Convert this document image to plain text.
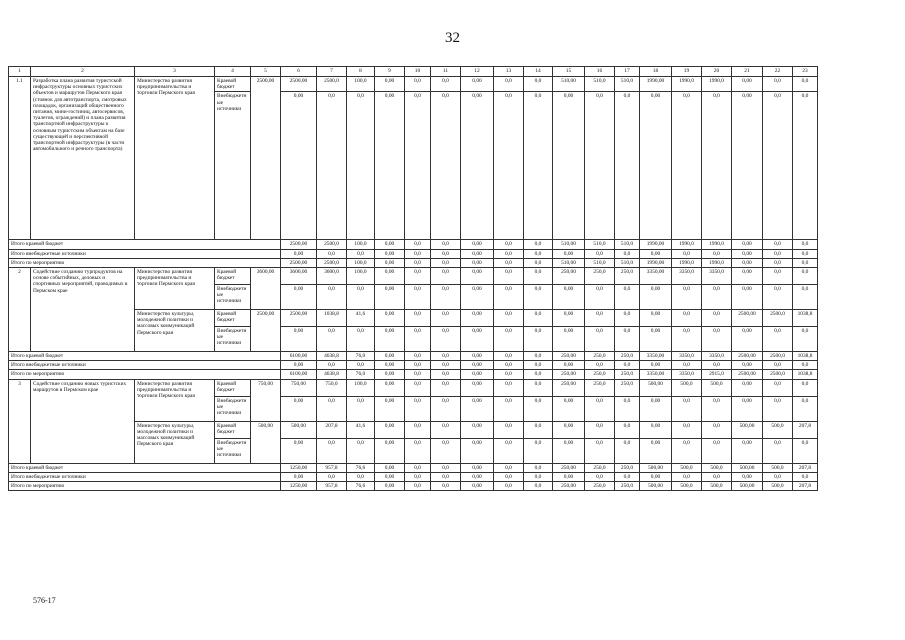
32
1	2	3	4	5	6	7	8	9	10	11	12	13	14	15	16	17	18	19	20	21	22	23
1.1	Разработка плана развития туристской инфраструктуры основных туристских объектов и маршрутов Пермского края (стоянок для автотранспорта, смотровых площадок, организаций общественного питания, мини-гостиниц, автосервисов, туалетов, ограждений) и плана развития транспортной инфраструктуры к основным туристским объектам на базе существующей и перспективной транспортной инфраструктуры (в части автомобильного и речного транспорта)	Министерство развития предпринимательства и торговли Пермского края	Краевой бюджет	2500,00	2500,00	2500,0	100,0	0,00	0,0	0,0	0,00	0,0	0,0	510,00	510,0	510,0	1990,00	1990,0	1990,0	0,00	0,0	0,0
			Внебюджетные источники		0,00	0,0	0,0	0,00	0,0	0,0	0,00	0,0	0,0	0,00	0,0	0,0	0,00	0,0	0,0	0,00	0,0	0,0
Итого краевой бюджет					2500,00	2500,0	100,0	0,00	0,0	0,0	0,00	0,0	0,0	510,00	510,0	510,0	1990,00	1990,0	1990,0	0,00	0,0	0,0
Итого внебюджетные источники					0,00	0,0	0,0	0,00	0,0	0,0	0,00	0,0	0,0	0,00	0,0	0,0	0,00	0,0	0,0	0,00	0,0	0,0
Итого по мероприятию					2500,00	2500,0	100,0	0,00	0,0	0,0	0,00	0,0	0,0	510,00	510,0	510,0	1990,00	1990,0	1990,0	0,00	0,0	0,0
2	Содействие созданию турпродуктов на основе событийных, деловых и спортивных мероприятий, проводимых в Пермском крае	Министерство развития предпринимательства и торговли Пермского края	Краевой бюджет	3600,00	3600,00	3600,0	100,0	0,00	0,0	0,0	0,00	0,0	0,0	250,00	250,0	250,0	3350,00	3350,0	3350,0	0,00	0,0	0,0
			Внебюджетные источники		0,00	0,0	0,0	0,00	0,0	0,0	0,00	0,0	0,0	0,00	0,0	0,0	0,00	0,0	0,0	0,00	0,0	0,0
		Министерство культуры, молодежной политики и массовых коммуникаций Пермского края	Краевой бюджет	2500,00	2500,00	1038,8	41,6	0,00	0,0	0,0	0,00	0,0	0,0	0,00	0,0	0,0	0,00	0,0	0,0	2500,00	2500,0	1038,8
			Внебюджетные источники		0,00	0,0	0,0	0,00	0,0	0,0	0,00	0,0	0,0	0,00	0,0	0,0	0,00	0,0	0,0	0,00	0,0	0,0
Итого краевой бюджет					6100,00	4638,8	76,0	0,00	0,0	0,0	0,00	0,0	0,0	250,00	250,0	250,0	3350,00	3350,0	3350,0	2500,00	2500,0	1038,8
Итого внебюджетные источники					0,00	0,0	0,0	0,00	0,0	0,0	0,00	0,0	0,0	0,00	0,0	0,0	0,00	0,0	0,0	0,00	0,0	0,0
Итого по мероприятию					6100,00	4638,8	76,0	0,00	0,0	0,0	0,00	0,0	0,0	250,00	250,0	250,0	3350,00	3350,0	2915,0	2500,00	2500,0	1038,8
3	Содействие созданию новых туристских маршрутов в Пермском крае	Министерство развития предпринимательства и торговли Пермского края	Краевой бюджет	750,00	750,00	750,0	100,0	0,00	0,0	0,0	0,00	0,0	0,0	250,00	250,0	250,0	500,00	500,0	500,0	0,00	0,0	0,0
			Внебюджетные источники		0,00	0,0	0,0	0,00	0,0	0,0	0,00	0,0	0,0	0,00	0,0	0,0	0,00	0,0	0,0	0,00	0,0	0,0
		Министерство культуры, молодежной политики и массовых коммуникаций Пермского края	Краевой бюджет	500,00	500,00	207,8	41,6	0,00	0,0	0,0	0,00	0,0	0,0	0,00	0,0	0,0	0,00	0,0	0,0	500,00	500,0	207,8
			Внебюджетные источники		0,00	0,0	0,0	0,00	0,0	0,0	0,00	0,0	0,0	0,00	0,0	0,0	0,00	0,0	0,0	0,00	0,0	0,0
Итого краевой бюджет					1250,00	957,8	76,6	0,00	0,0	0,0	0,00	0,0	0,0	250,00	250,0	250,0	500,00	500,0	500,0	500,00	500,0	207,8
Итого внебюджетные источники					0,00	0,0	0,0	0,00	0,0	0,0	0,00	0,0	0,0	0,00	0,0	0,0	0,00	0,0	0,0	0,00	0,0	0,0
Итого по мероприятию					1250,00	957,8	76,6	0,00	0,0	0,0	0,00	0,0	0,0	250,00	250,0	250,0	500,00	500,0	500,0	500,00	500,0	207,8
576-17
